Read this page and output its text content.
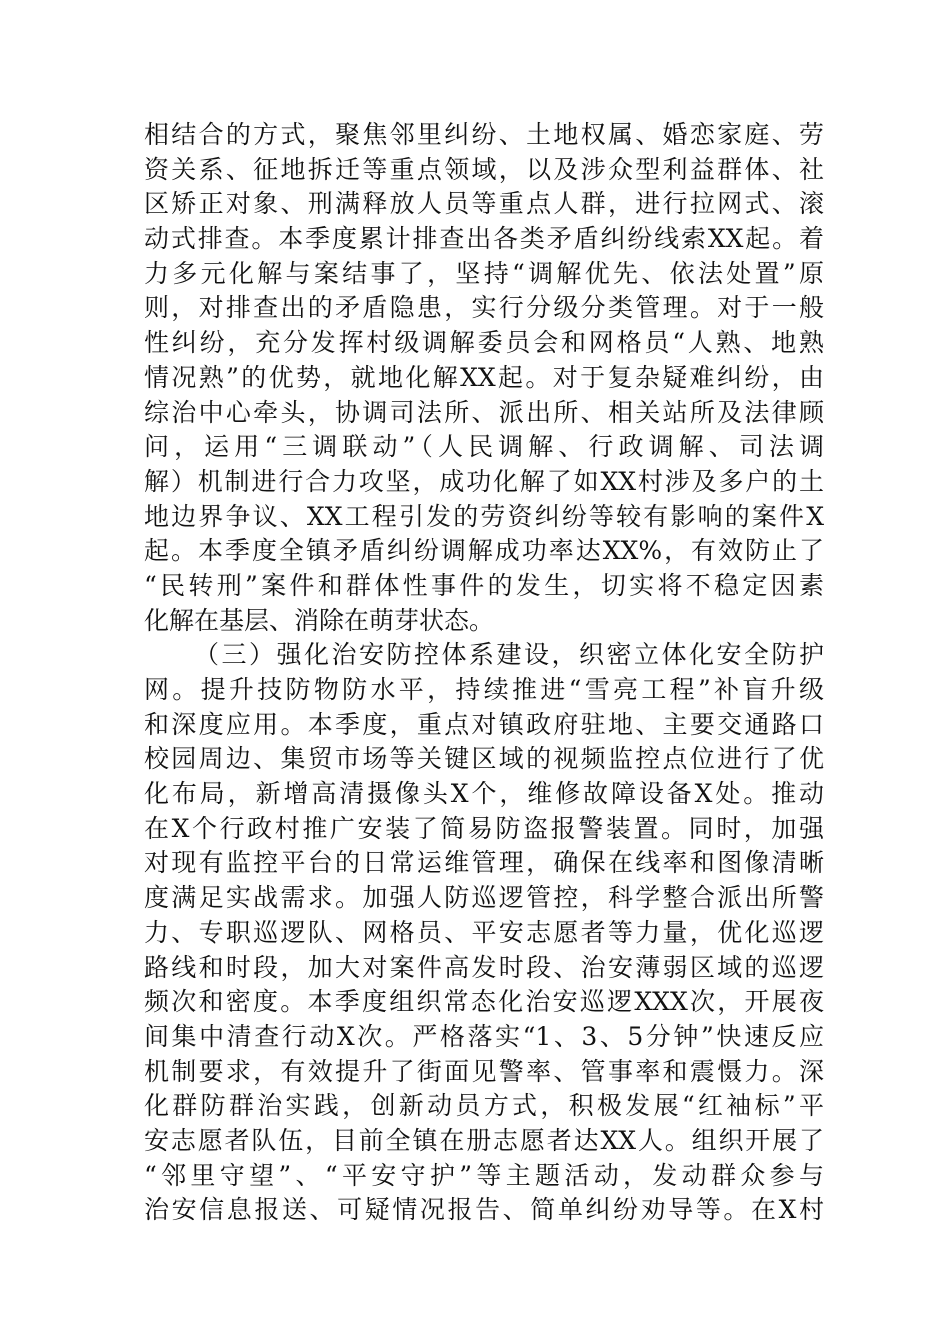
相结合的方式，聚焦邻里纠纷、土地权属、婚恋家庭、劳
资关系、征地拆迁等重点领域，以及涉众型利益群体、社
区矫正对象、刑满释放人员等重点人群，进行拉网式、滚
动式排查。本季度累计排查出各类矛盾纠纷线索XX起。着
力多元化解与案结事了，坚持“调解优先、依法处置”原
则，对排查出的矛盾隐患，实行分级分类管理。对于一般
性纠纷，充分发挥村级调解委员会和网格员“人熟、地熟
情况熟”的优势，就地化解XX起。对于复杂疑难纠纷，由
综治中心牵头，协调司法所、派出所、相关站所及法律顾
问，运用“三调联动”（人民调解、行政调解、司法调
解）机制进行合力攻坚，成功化解了如XX村涉及多户的土
地边界争议、XX工程引发的劳资纠纷等较有影响的案件X
起。本季度全镇矛盾纠纷调解成功率达XX%，有效防止了
“民转刑”案件和群体性事件的发生，切实将不稳定因素
化解在基层、消除在萌芽状态。
（三）强化治安防控体系建设，织密立体化安全防护
网。提升技防物防水平，持续推进“雪亮工程”补盲升级
和深度应用。本季度，重点对镇政府驻地、主要交通路口
校园周边、集贸市场等关键区域的视频监控点位进行了优
化布局，新增高清摄像头X个，维修故障设备X处。推动
在X个行政村推广安装了简易防盗报警装置。同时，加强
对现有监控平台的日常运维管理，确保在线率和图像清晰
度满足实战需求。加强人防巡逻管控，科学整合派出所警
力、专职巡逻队、网格员、平安志愿者等力量，优化巡逻
路线和时段，加大对案件高发时段、治安薄弱区域的巡逻
频次和密度。本季度组织常态化治安巡逻XXX次，开展夜
间集中清查行动X次。严格落实“1、3、5分钟”快速反应
机制要求，有效提升了街面见警率、管事率和震慑力。深
化群防群治实践，创新动员方式，积极发展“红袖标”平
安志愿者队伍，目前全镇在册志愿者达XX人。组织开展了
“邻里守望”、“平安守护”等主题活动，发动群众参与
治安信息报送、可疑情况报告、简单纠纷劝导等。在X村
